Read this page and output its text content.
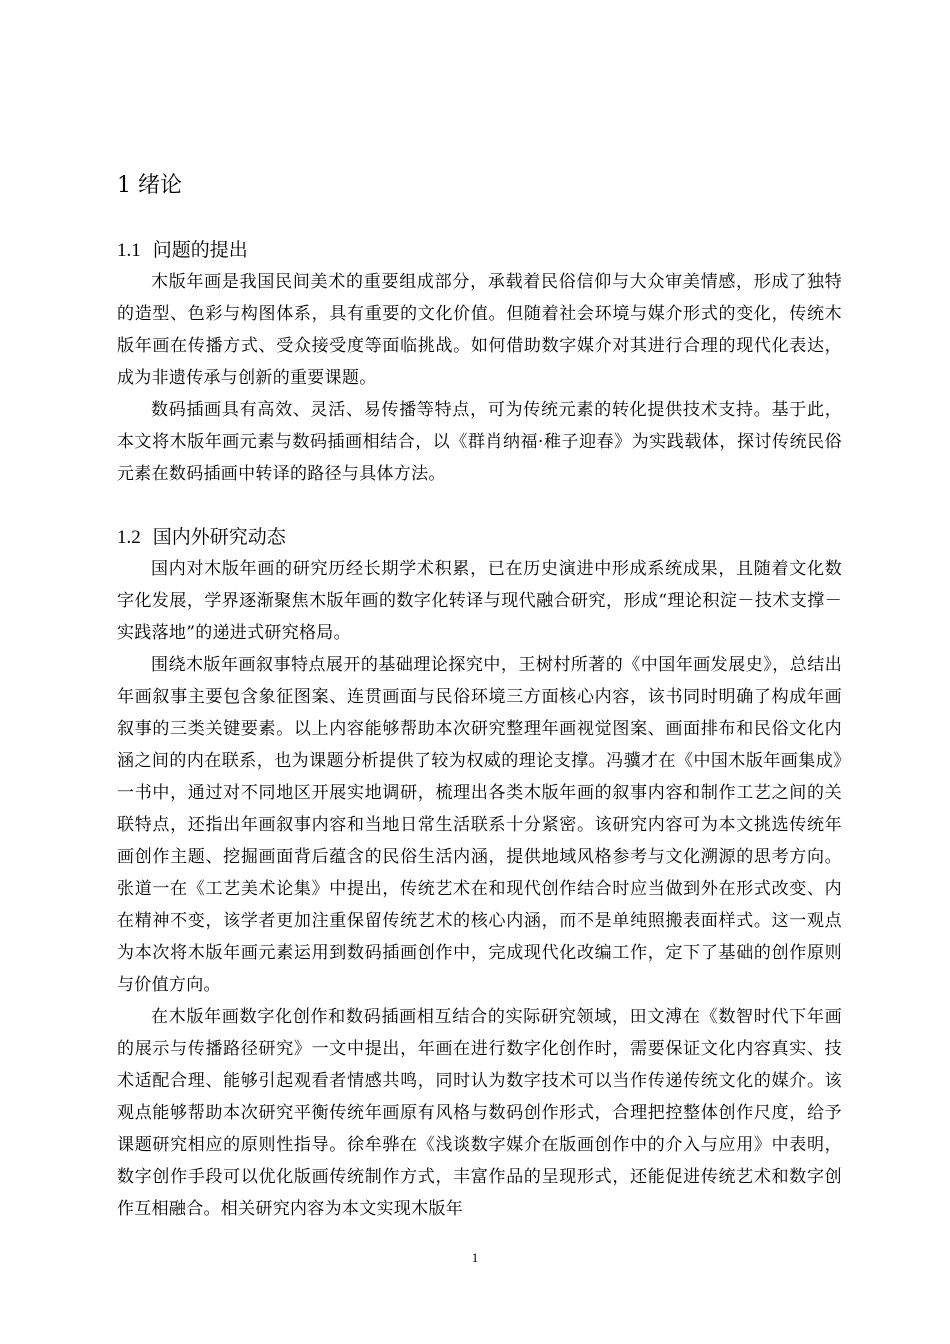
1 绪论
1.1 问题的提出

木版年画是我国民间美术的重要组成部分，承载着民俗信仰与大众审美情感，形成了独特的造型、色彩与构图体系，具有重要的文化价值。但随着社会环境与媒介形式的变化，传统木版年画在传播方式、受众接受度等面临挑战。如何借助数字媒介对其进行合理的现代化表达，成为非遗传承与创新的重要课题。

数码插画具有高效、灵活、易传播等特点，可为传统元素的转化提供技术支持。基于此，本文将木版年画元素与数码插画相结合，以《群肖纳福·稚子迎春》为实践载体，探讨传统民俗元素在数码插画中转译的路径与具体方法。

1.2 国内外研究动态

国内对木版年画的研究历经长期学术积累，已在历史演进中形成系统成果，且随着文化数字化发展，学界逐渐聚焦木版年画的数字化转译与现代融合研究，形成“理论积淀－技术支撑－实践落地”的递进式研究格局。

围绕木版年画叙事特点展开的基础理论探究中，王树村所著的《中国年画发展史》，总结出年画叙事主要包含象征图案、连贯画面与民俗环境三方面核心内容，该书同时明确了构成年画叙事的三类关键要素。以上内容能够帮助本次研究整理年画视觉图案、画面排布和民俗文化内涵之间的内在联系，也为课题分析提供了较为权威的理论支撑。冯骥才在《中国木版年画集成》一书中，通过对不同地区开展实地调研，梳理出各类木版年画的叙事内容和制作工艺之间的关联特点，还指出年画叙事内容和当地日常生活联系十分紧密。该研究内容可为本文挑选传统年画创作主题、挖掘画面背后蕴含的民俗生活内涵，提供地域风格参考与文化溯源的思考方向。张道一在《工艺美术论集》中提出，传统艺术在和现代创作结合时应当做到外在形式改变、内在精神不变，该学者更加注重保留传统艺术的核心内涵，而不是单纯照搬表面样式。这一观点为本次将木版年画元素运用到数码插画创作中，完成现代化改编工作，定下了基础的创作原则与价值方向。

在木版年画数字化创作和数码插画相互结合的实际研究领域，田文溥在《数智时代下年画的展示与传播路径研究》一文中提出，年画在进行数字化创作时，需要保证文化内容真实、技术适配合理、能够引起观看者情感共鸣，同时认为数字技术可以当作传递传统文化的媒介。该观点能够帮助本次研究平衡传统年画原有风格与数码创作形式，合理把控整体创作尺度，给予课题研究相应的原则性指导。徐牟骅在《浅谈数字媒介在版画创作中的介入与应用》中表明，数字创作手段可以优化版画传统制作方式，丰富作品的呈现形式，还能促进传统艺术和数字创作互相融合。相关研究内容为本文实现木版年

1
